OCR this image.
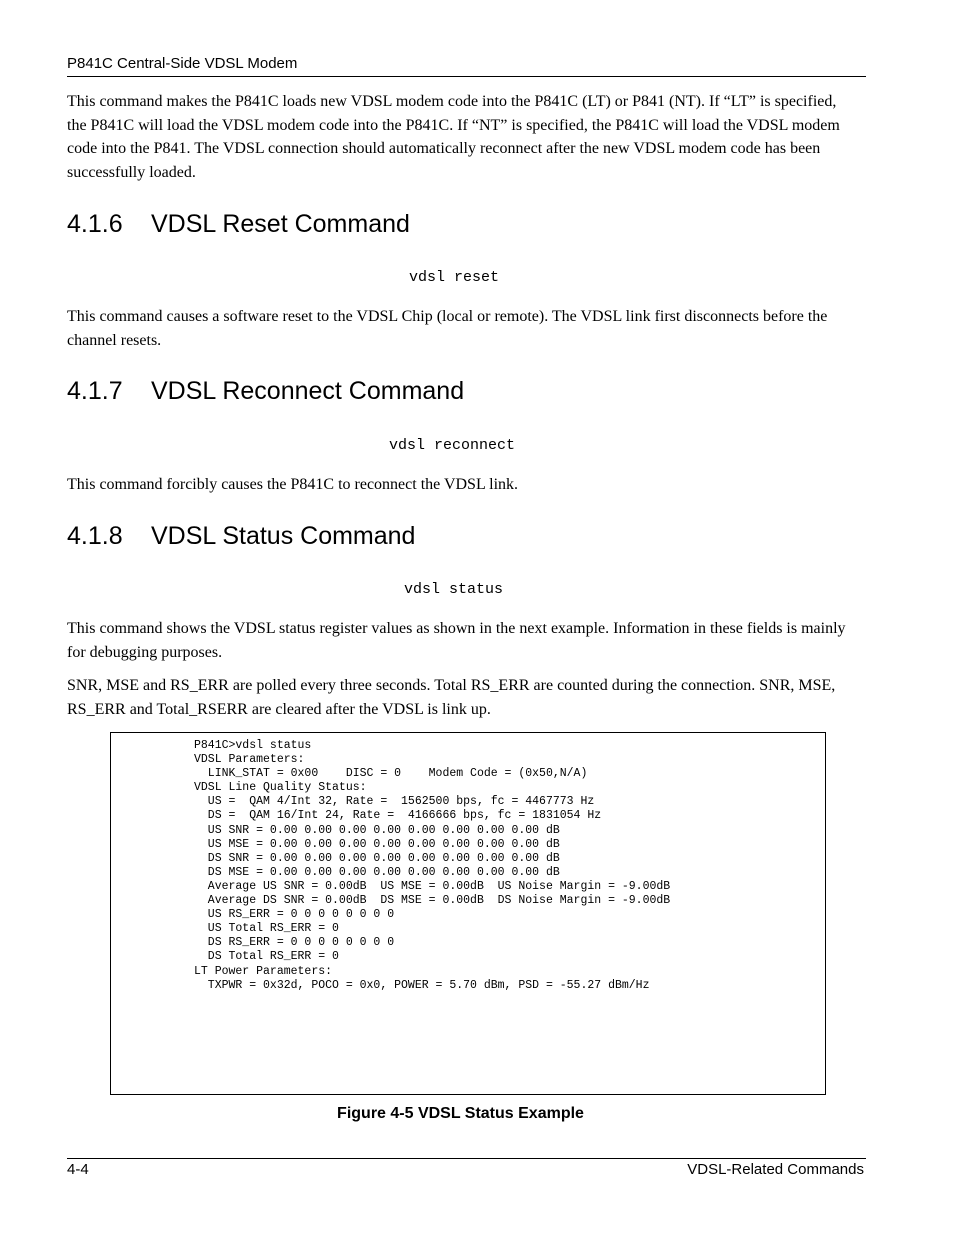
P841C Central-Side VDSL Modem

This command makes the P841C loads new VDSL modem code into the P841C (LT) or P841 (NT). If “LT” is specified, the P841C will load the VDSL modem code into the P841C. If “NT” is specified, the P841C will load the VDSL modem code into the P841. The VDSL connection should automatically reconnect after the new VDSL modem code has been successfully loaded.

4.1.6 VDSL Reset Command
vdsl reset

This command causes a software reset to the VDSL Chip (local or remote). The VDSL link first disconnects before the channel resets.

4.1.7 VDSL Reconnect Command
vdsl reconnect

This command forcibly causes the P841C to reconnect the VDSL link.

4.1.8 VDSL Status Command
vdsl status

This command shows the VDSL status register values as shown in the next example. Information in these fields is mainly for debugging purposes.

SNR, MSE and RS_ERR are polled every three seconds. Total RS_ERR are counted during the connection. SNR, MSE, RS_ERR and Total_RSERR are cleared after the VDSL is link up.

P841C>vdsl status
VDSL Parameters:
LINK_STAT = 0x00    DISC = 0    Modem Code = (0x50,N/A)
VDSL Line Quality Status:
US =  QAM 4/Int 32, Rate =  1562500 bps, fc = 4467773 Hz
DS =  QAM 16/Int 24, Rate =  4166666 bps, fc = 1831054 Hz
US SNR = 0.00 0.00 0.00 0.00 0.00 0.00 0.00 0.00 dB
US MSE = 0.00 0.00 0.00 0.00 0.00 0.00 0.00 0.00 dB
DS SNR = 0.00 0.00 0.00 0.00 0.00 0.00 0.00 0.00 dB
DS MSE = 0.00 0.00 0.00 0.00 0.00 0.00 0.00 0.00 dB
Average US SNR = 0.00dB  US MSE = 0.00dB  US Noise Margin = -9.00dB
Average DS SNR = 0.00dB  DS MSE = 0.00dB  DS Noise Margin = -9.00dB
US RS_ERR = 0 0 0 0 0 0 0 0
US Total RS_ERR = 0
DS RS_ERR = 0 0 0 0 0 0 0 0
DS Total RS_ERR = 0
LT Power Parameters:
TXPWR = 0x32d, POCO = 0x0, POWER = 5.70 dBm, PSD = -55.27 dBm/Hz
Figure 4-5 VDSL Status Example
4-4	VDSL-Related Commands
